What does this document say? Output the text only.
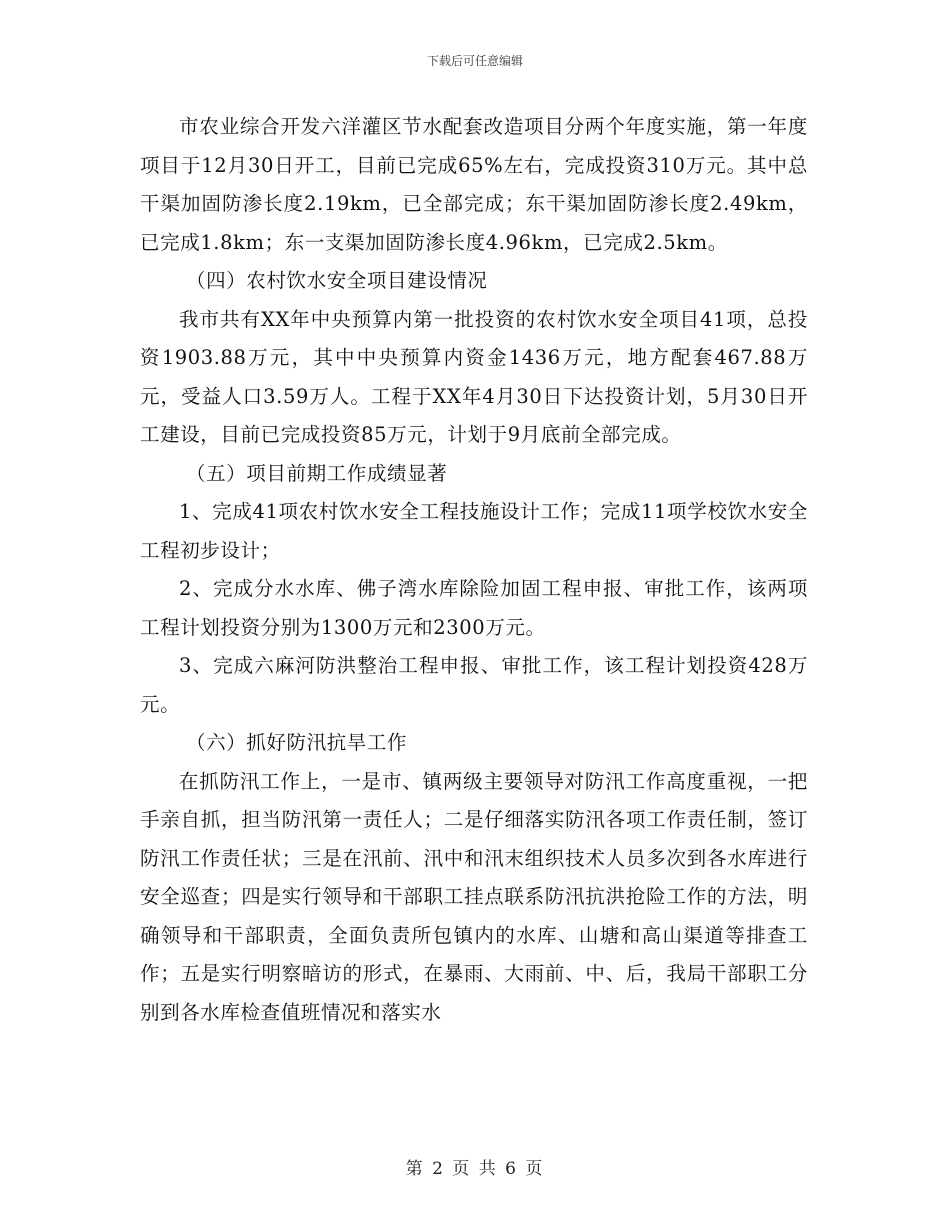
下载后可任意编辑

市农业综合开发六洋灌区节水配套改造项目分两个年度实施，第一年度项目于12月30日开工，目前已完成65%左右，完成投资310万元。其中总干渠加固防渗长度2.19km，已全部完成；东干渠加固防渗长度2.49km，已完成1.8km；东一支渠加固防渗长度4.96km，已完成2.5km。

（四）农村饮水安全项目建设情况

我市共有XX年中央预算内第一批投资的农村饮水安全项目41项，总投资1903.88万元，其中中央预算内资金1436万元，地方配套467.88万元，受益人口3.59万人。工程于XX年4月30日下达投资计划，5月30日开工建设，目前已完成投资85万元，计划于9月底前全部完成。

（五）项目前期工作成绩显著

1、完成41项农村饮水安全工程技施设计工作；完成11项学校饮水安全工程初步设计；

2、完成分水水库、佛子湾水库除险加固工程申报、审批工作，该两项工程计划投资分别为1300万元和2300万元。

3、完成六麻河防洪整治工程申报、审批工作，该工程计划投资428万元。

（六）抓好防汛抗旱工作

在抓防汛工作上，一是市、镇两级主要领导对防汛工作高度重视，一把手亲自抓，担当防汛第一责任人；二是仔细落实防汛各项工作责任制，签订防汛工作责任状；三是在汛前、汛中和汛末组织技术人员多次到各水库进行安全巡查；四是实行领导和干部职工挂点联系防汛抗洪抢险工作的方法，明确领导和干部职责，全面负责所包镇内的水库、山塘和高山渠道等排查工作；五是实行明察暗访的形式，在暴雨、大雨前、中、后，我局干部职工分别到各水库检查值班情况和落实水

第 2 页 共 6 页
